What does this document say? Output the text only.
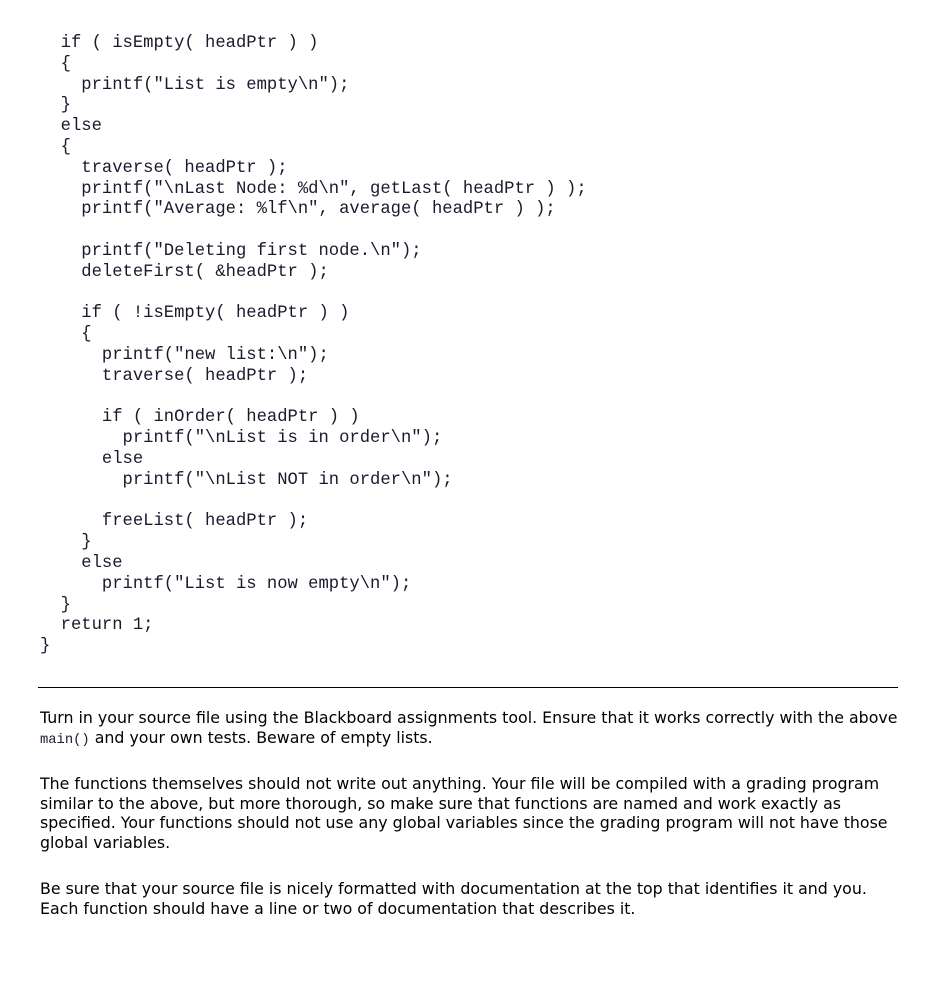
if ( isEmpty( headPtr ) )
{
printf("List is empty\n");
}
else
{
traverse( headPtr );
printf("\nLast Node: %d\n", getLast( headPtr ) );
printf("Average: %lf\n", average( headPtr ) );
printf("Deleting first node.\n");
deleteFirst( &headPtr );
if ( !isEmpty( headPtr ) )
{
printf("new list:\n");
traverse( headPtr );
if ( inOrder( headPtr ) )
printf("\nList is in order\n");
else
printf("\nList NOT in order\n");
freeList( headPtr );
}
else
printf("List is now empty\n");
}
return 1;
}

Turn in your source file using the Blackboard assignments tool. Ensure that it works correctly with the above main() and your own tests. Beware of empty lists.

The functions themselves should not write out anything. Your file will be compiled with a grading program similar to the above, but more thorough, so make sure that functions are named and work exactly as specified. Your functions should not use any global variables since the grading program will not have those global variables.

Be sure that your source file is nicely formatted with documentation at the top that identifies it and you. Each function should have a line or two of documentation that describes it.
